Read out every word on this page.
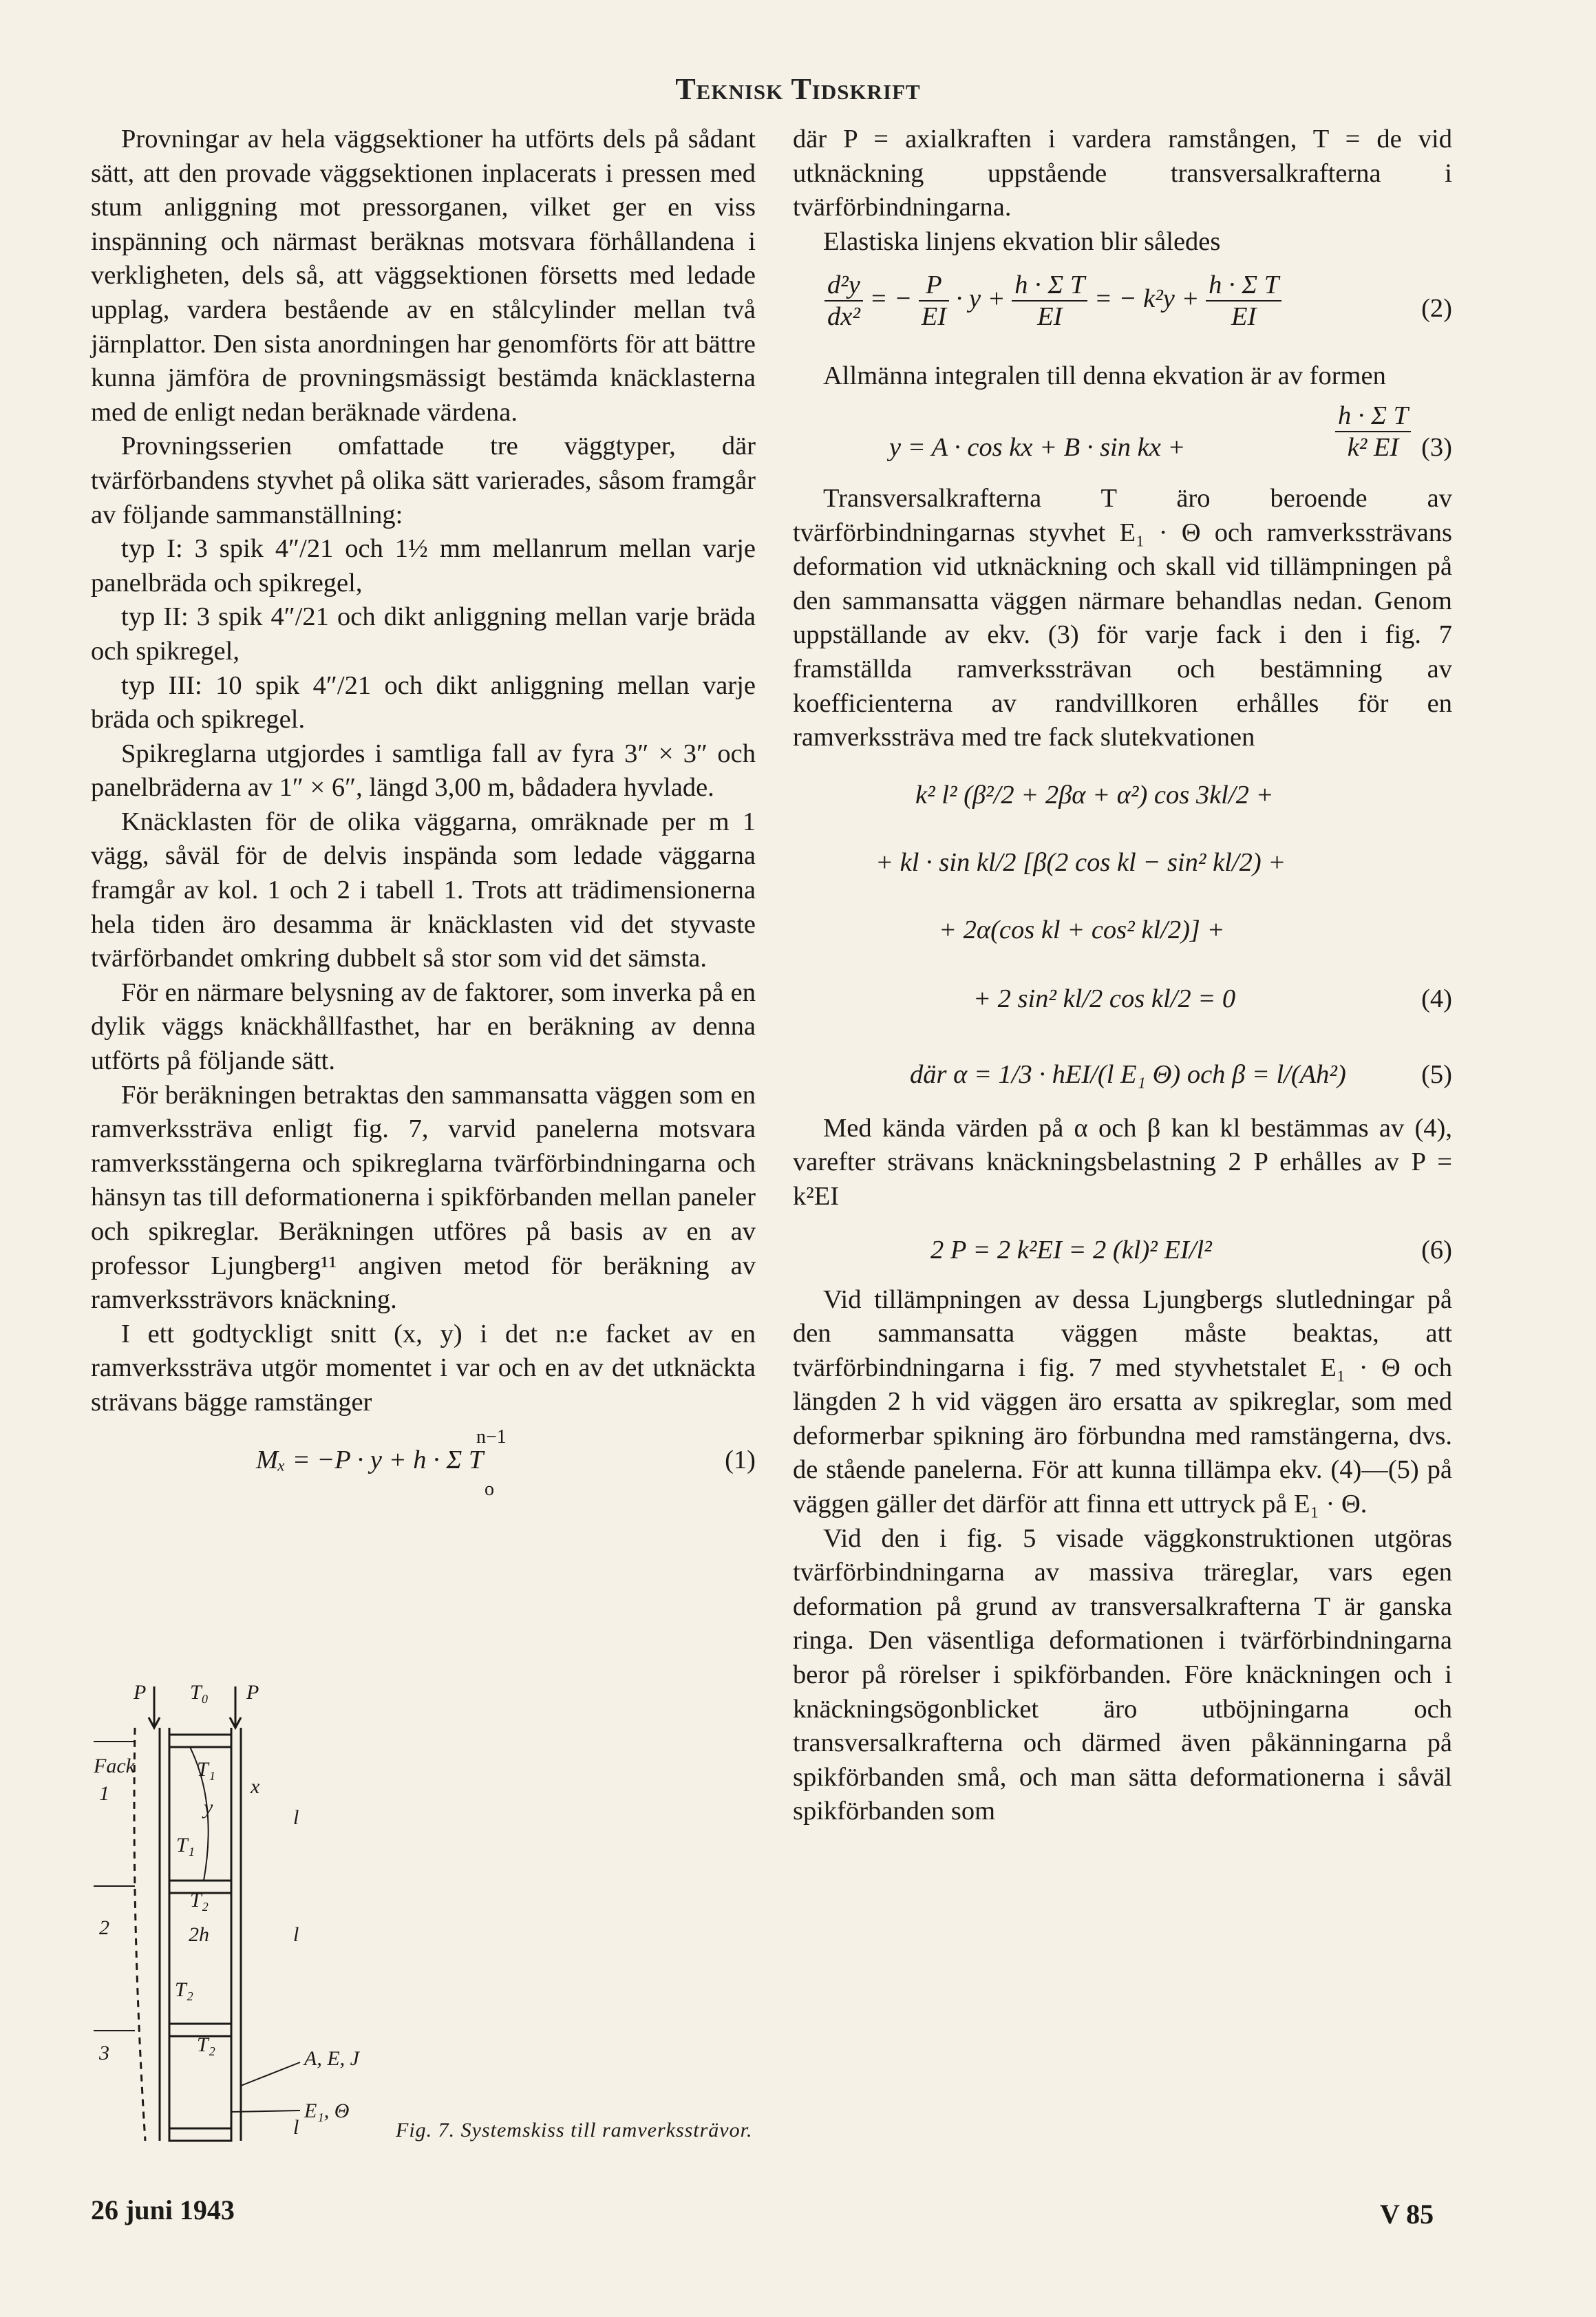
Teknisk Tidskrift

Provningar av hela väggsektioner ha utförts dels på sådant sätt, att den provade väggsektionen inplacerats i pressen med stum anliggning mot pressorganen, vilket ger en viss inspänning och närmast beräknas motsvara förhållandena i verkligheten, dels så, att väggsektionen försetts med ledade upplag, vardera bestående av en stålcylinder mellan två järnplattor. Den sista anordningen har genomförts för att bättre kunna jämföra de provningsmässigt bestämda knäcklasterna med de enligt nedan beräknade värdena.

Provningsserien omfattade tre väggtyper, där tvärförbandens styvhet på olika sätt varierades, såsom framgår av följande sammanställning:

typ I: 3 spik 4″/21 och 1½ mm mellanrum mellan varje panelbräda och spikregel,

typ II: 3 spik 4″/21 och dikt anliggning mellan varje bräda och spikregel,

typ III: 10 spik 4″/21 och dikt anliggning mellan varje bräda och spikregel.

Spikreglarna utgjordes i samtliga fall av fyra 3″ × 3″ och panelbräderna av 1″ × 6″, längd 3,00 m, bådadera hyvlade.

Knäcklasten för de olika väggarna, omräknade per m 1 vägg, såväl för de delvis inspända som ledade väggarna framgår av kol. 1 och 2 i tabell 1. Trots att trädimensionerna hela tiden äro desamma är knäcklasten vid det styvaste tvärförbandet omkring dubbelt så stor som vid det sämsta.

För en närmare belysning av de faktorer, som inverka på en dylik väggs knäckhållfasthet, har en beräkning av denna utförts på följande sätt.

För beräkningen betraktas den sammansatta väggen som en ramverkssträva enligt fig. 7, varvid panelerna motsvara ramverksstängerna och spikreglarna tvärförbindningarna och hänsyn tas till deformationerna i spikförbanden mellan paneler och spikreglar. Beräkningen utföres på basis av en av professor Ljungberg¹¹ angiven metod för beräkning av ramverkssträvors knäckning.

I ett godtyckligt snitt (x, y) i det n:e facket av en ramverkssträva utgör momentet i var och en av det utknäckta strävans bägge ramstänger

n−1
Mₓ = −P · y + h · Σ T
o
(1)
P T₀ P
Fack
1
T₁
x
y	l
T₁
2
T₂
2h	l
T₂
A, E, J
3	T₂
E₁, Θ
l	Fig. 7. Systemskiss till ramverkssträvor.

där P = axialkraften i vardera ramstången, T = de vid utknäckning uppstående transversalkrafterna i tvärförbindningarna.

Elastiska linjens ekvation blir således

$\frac{\text{d²y}}{\text{dx²}}$ = − $\frac{P}{EI} \cdot y + \frac{\text{h · Σ T}}{EI}$ = − $k^2y + \frac{\text{h · Σ T}}{EI}$	(2)

Allmänna integralen till denna ekvation är av formen

y = A · cos kx + B · sin kx +
h · Σ T
k² EI (3)

Transversalkrafterna T äro beroende av tvärförbindningarnas styvhet E₁ · Θ och ramverkssträvans deformation vid utknäckning och skall vid tillämpningen på den sammansatta väggen närmare behandlas nedan. Genom uppställande av ekv. (3) för varje fack i den i fig. 7 framställda ramverkssträvan och bestämning av koefficienterna av randvillkoren erhålles för en ramverkssträva med tre fack slutekvationen

k² l² (β²/2 + 2βα + α²) cos 3kl/2 +
+ kl · sin kl/2 [β(2 cos kl − sin² kl/2) +
+ 2α(cos kl + cos² kl/2)] +
+ 2 sin² kl/2 cos kl/2 = 0	(4)
där α = 1/3 · hEI/(l E₁ Θ) och β = l/(Ah²)	(5)

Med kända värden på α och β kan kl bestämmas av (4), varefter strävans knäckningsbelastning 2 P erhålles av P = k²EI

2 P = 2 k²EI = 2 (kl)² EI/l²	(6)

Vid tillämpningen av dessa Ljungbergs slutledningar på den sammansatta väggen måste beaktas, att tvärförbindningarna i fig. 7 med styvhetstalet E₁ · Θ och längden 2 h vid väggen äro ersatta av spikreglar, som med deformerbar spikning äro förbundna med ramstängerna, dvs. de stående panelerna. För att kunna tillämpa ekv. (4)—(5) på väggen gäller det därför att finna ett uttryck på E₁ · Θ.

Vid den i fig. 5 visade väggkonstruktionen utgöras tvärförbindningarna av massiva träreglar, vars egen deformation på grund av transversalkrafterna T är ganska ringa. Den väsentliga deformationen i tvärförbindningarna beror på rörelser i spikförbanden. Före knäckningen och i knäckningsögonblicket äro utböjningarna och transversalkrafterna och därmed även påkänningarna på spikförbanden små, och man sätta deformationerna i såväl spikförbanden som

26 juni 1943	V 85
